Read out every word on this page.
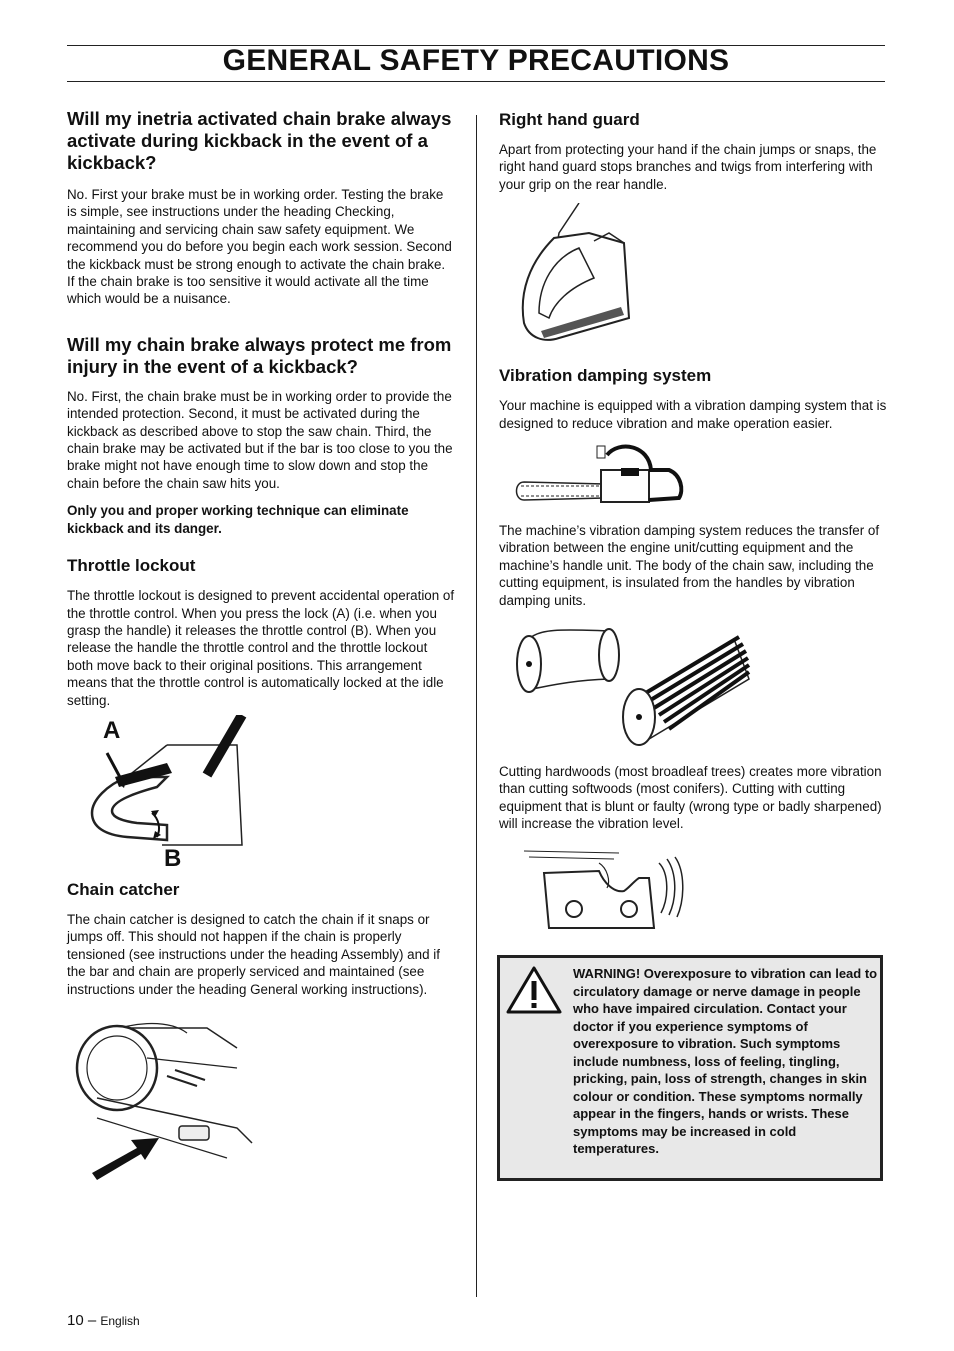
GENERAL SAFETY PRECAUTIONS
Will my inetria activated chain brake always activate during kickback in the event of a kickback?

No. First your brake must be in working order. Testing the brake is simple, see instructions under the heading Checking, maintaining and servicing chain saw safety equipment. We recommend you do before you begin each work session. Second the kickback must be strong enough to activate the chain brake. If the chain brake is too sensitive it would activate all the time which would be a nuisance.

Will my chain brake always protect me from injury in the event of a kickback?

No. First, the chain brake must be in working order to provide the intended protection. Second, it must be activated during the kickback as described above to stop the saw chain. Third, the chain brake may be activated but if the bar is too close to you the brake might not have enough time to slow down and stop the chain before the chain saw hits you.

Only you and proper working technique can eliminate kickback and its danger.

Throttle lockout

The throttle lockout is designed to prevent accidental operation of the throttle control. When you press the lock (A) (i.e. when you grasp the handle) it releases the throttle control (B). When you release the handle the throttle control and the throttle lockout both move back to their original positions. This arrangement means that the throttle control is automatically locked at the idle setting.

A
B
Chain catcher

The chain catcher is designed to catch the chain if it snaps or jumps off. This should not happen if the chain is properly tensioned (see instructions under the heading Assembly) and if the bar and chain are properly serviced and maintained (see instructions under the heading General working instructions).

Right hand guard

Apart from protecting your hand if the chain jumps or snaps, the right hand guard stops branches and twigs from interfering with your grip on the rear handle.

Vibration damping system

Your machine is equipped with a vibration damping system that is designed to reduce vibration and make operation easier.

The machine’s vibration damping system reduces the transfer of vibration between the engine unit/cutting equipment and the machine’s handle unit. The body of the chain saw, including the cutting equipment, is insulated from the handles by vibration damping units.

Cutting hardwoods (most broadleaf trees) creates more vibration than cutting softwoods (most conifers). Cutting with cutting equipment that is blunt or faulty (wrong type or badly sharpened) will increase the vibration level.

WARNING! Overexposure to vibration can lead to circulatory damage or nerve damage in people who have impaired circulation. Contact your doctor if you experience symptoms of overexposure to vibration. Such symptoms include numbness, loss of feeling, tingling, pricking, pain, loss of strength, changes in skin colour or condition. These symptoms normally appear in the fingers, hands or wrists. These symptoms may be increased in cold temperatures.
10 – English
